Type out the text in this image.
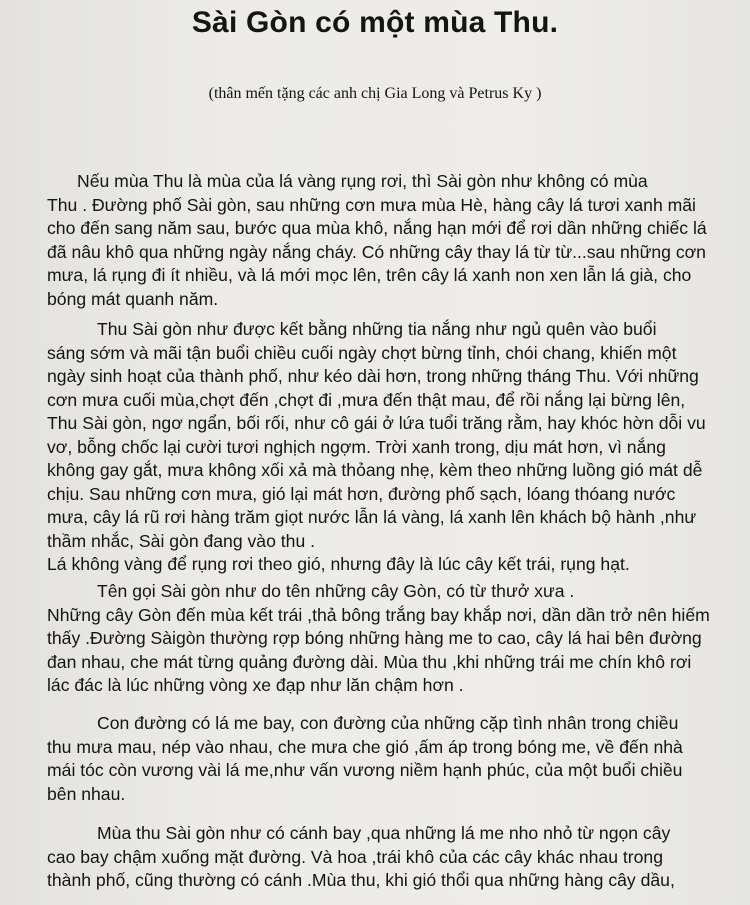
Sài Gòn có một mùa Thu.
(thân mến tặng các anh chị Gia Long và Petrus Ky )
Nếu mùa Thu là mùa của lá vàng rụng rơi, thì Sài gòn như không có mùa
Thu . Đường phố Sài gòn, sau những cơn mưa mùa Hè, hàng cây lá tươi xanh mãi
cho đến sang năm sau, bước qua mùa khô, nắng hạn mới để rơi dần những chiếc lá
đã nâu khô qua những ngày nắng cháy. Có những cây thay lá từ từ...sau những cơn
mưa, lá rụng đi ít nhiều, và lá mới mọc lên, trên cây lá xanh non xen lẫn lá già, cho
bóng mát quanh năm.
Thu Sài gòn như được kết bằng những tia nắng như ngủ quên vào buổi
sáng sớm và mãi tận buổi chiều cuối ngày chợt bừng tỉnh, chói chang, khiến một
ngày sinh hoạt của thành phố, như kéo dài hơn, trong những tháng Thu. Với những
cơn mưa cuối mùa,chợt đến ,chợt đi ,mưa đến thật mau, để rồi nắng lại bừng lên,
Thu Sài gòn, ngơ ngẩn, bối rối, như cô gái ở lứa tuổi trăng rằm, hay khóc hờn dỗi vu
vơ, bỗng chốc lại cười tươi nghịch ngợm. Trời xanh trong, dịu mát hơn, vì nắng
không gay gắt, mưa không xối xả mà thỏang nhẹ, kèm theo những luồng gió mát dễ
chịu. Sau những cơn mưa, gió lại mát hơn, đường phố sạch, lóang thóang nước
mưa, cây lá rũ rơi hàng trăm giọt nước lẫn lá vàng, lá xanh lên khách bộ hành ,như
thầm nhắc, Sài gòn đang vào thu .
Lá không vàng để rụng rơi theo gió, nhưng đây là lúc cây kết trái, rụng hạt.
Tên gọi Sài gòn như do tên những cây Gòn, có từ thưở xưa .
Những cây Gòn đến mùa kết trái ,thả bông trắng bay khắp nơi, dần dần trở nên hiếm
thấy .Đường Sàigòn thường rợp bóng những hàng me to cao, cây lá hai bên đường
đan nhau, che mát từng quảng đường dài. Mùa thu ,khi những trái me chín khô rơi
lác đác là lúc những vòng xe đạp như lăn chậm hơn .
Con đường có lá me bay, con đường của những cặp tình nhân trong chiều
thu mưa mau, nép vào nhau, che mưa che gió ,ấm áp trong bóng me, về đến nhà
mái tóc còn vương vài lá me,như vấn vương niềm hạnh phúc, của một buổi chiều
bên nhau.
Mùa thu Sài gòn như có cánh bay ,qua những lá me nho nhỏ từ ngọn cây
cao bay chậm xuống mặt đường. Và hoa ,trái khô của các cây khác nhau trong
thành phố, cũng thường có cánh .Mùa thu, khi gió thổi qua những hàng cây dầu,
